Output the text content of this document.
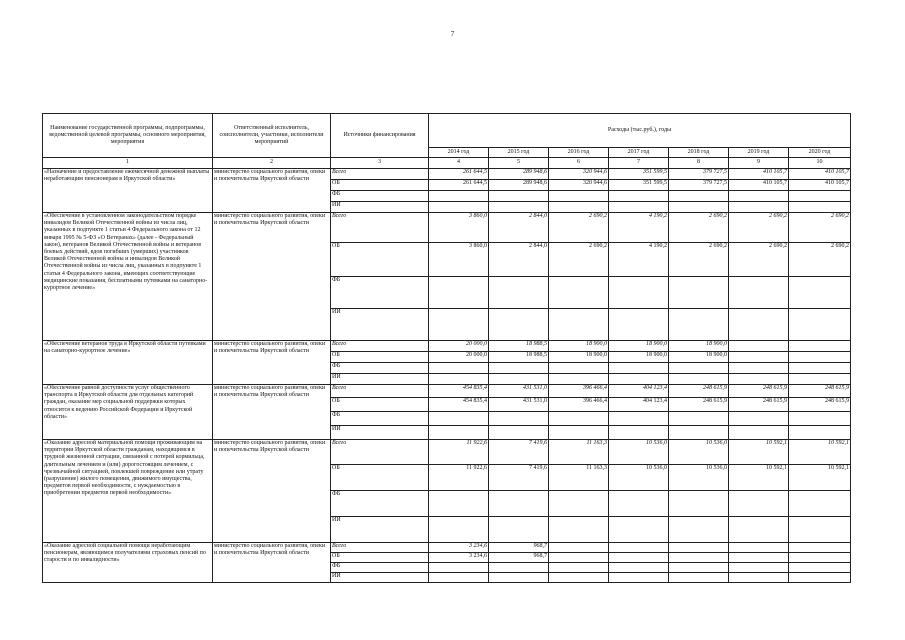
7
Наименование государственной программы, подпрограммы, ведомственной целевой программы, основного мероприятия, мероприятия	Ответственный исполнитель, соисполнители, участники, исполнители мероприятий	Источники финансирования	Расходы (тыс.руб.), годы						
			2014 год	2015 год	2016 год	2017 год	2018 год	2019 год	2020 год
1	2	3	4	5	6	7	8	9	10
«Назначение и предоставление ежемесячной денежной выплаты неработающим пенсионерам в Иркутской области»	министерство социального развития, опеки и попечительства Иркутской области	Всего	261 644,5	289 948,6	320 944,6	351 599,5	379 727,5	410 105,7	410 105,7
		ОБ	261 644,5	289 948,6	320 944,6	351 599,5	379 727,5	410 105,7	410 105,7
		ФБ							
		ИИ							
«Обеспечение в установленном законодательством порядке инвалидов Великой Отечественной войны из числа лиц, указанных в подпункте 1 статьи 4 Федерального закона от 12 января 1995 № 5-ФЗ «О Ветеранах» (далее - Федеральный закон), ветеранов Великой Отечественной войны и ветеранов боевых действий, вдов погибших (умерших) участников Великой Отечественной войны и инвалидов Великой Отечественной войны из числа лиц, указанных в подпункте 1 статьи 4 Федерального закона, имеющих соответствующие медицинские показания, бесплатными путевками на санаторно-курортное лечение»	министерство социального развития, опеки и попечительства Иркутской области	Всего	3 860,0	2 844,0	2 690,2	4 190,2	2 690,2	2 690,2	2 690,2
		ОБ	3 860,0	2 844,0	2 690,2	4 190,2	2 690,2	2 690,2	2 690,2
		ФБ							
		ИИ							
«Обеспечение ветеранов труда в Иркутской области путевками на санаторно-курортное лечение»	министерство социального развития, опеки и попечительства Иркутской области	Всего	20 000,0	18 988,5	18 900,0	18 900,0	18 900,0		
		ОБ	20 000,0	18 988,5	18 900,0	18 900,0	18 900,0		
		ФБ							
		ИИ							
«Обеспечение равной доступности услуг общественного транспорта в Иркутской области для отдельных категорий граждан, оказание мер социальной поддержки которых относится к ведению Российской Федерации и Иркутской области»	министерство социального развития, опеки и попечительства Иркутской области	Всего	454 835,4	431 531,0	396 466,4	404 123,4	248 615,9	248 615,9	248 615,9
		ОБ	454 835,4	431 531,0	396 466,4	404 123,4	248 615,9	248 615,9	248 615,9
		ФБ							
		ИИ							
«Оказание адресной материальной помощи проживающим на территории Иркутской области гражданам, находящимся в трудной жизненной ситуации, связанной с потерей кормильца, длительным лечением и (или) дорогостоящим лечением, с чрезвычайной ситуацией, повлекшей повреждение или утрату (разрушение) жилого помещения, движимого имущества, предметов первой необходимости, с нуждаемостью в приобретении предметов первой необходимости»	министерство социального развития, опеки и попечительства Иркутской области	Всего	11 922,6	7 419,6	11 163,3	10 536,0	10 536,0	10 592,1	10 592,1
		ОБ	11 922,6	7 419,6	11 163,3	10 536,0	10 536,0	10 592,1	10 592,1
		ФБ							
		ИИ							
«Оказание адресной социальной помощи неработающим пенсионерам, являющимся получателями страховых пенсий по старости и по инвалидности»	министерство социального развития, опеки и попечительства Иркутской области	Всего	3 234,6	968,7					
		ОБ	3 234,6	968,7					
		ФБ							
		ИИ							
